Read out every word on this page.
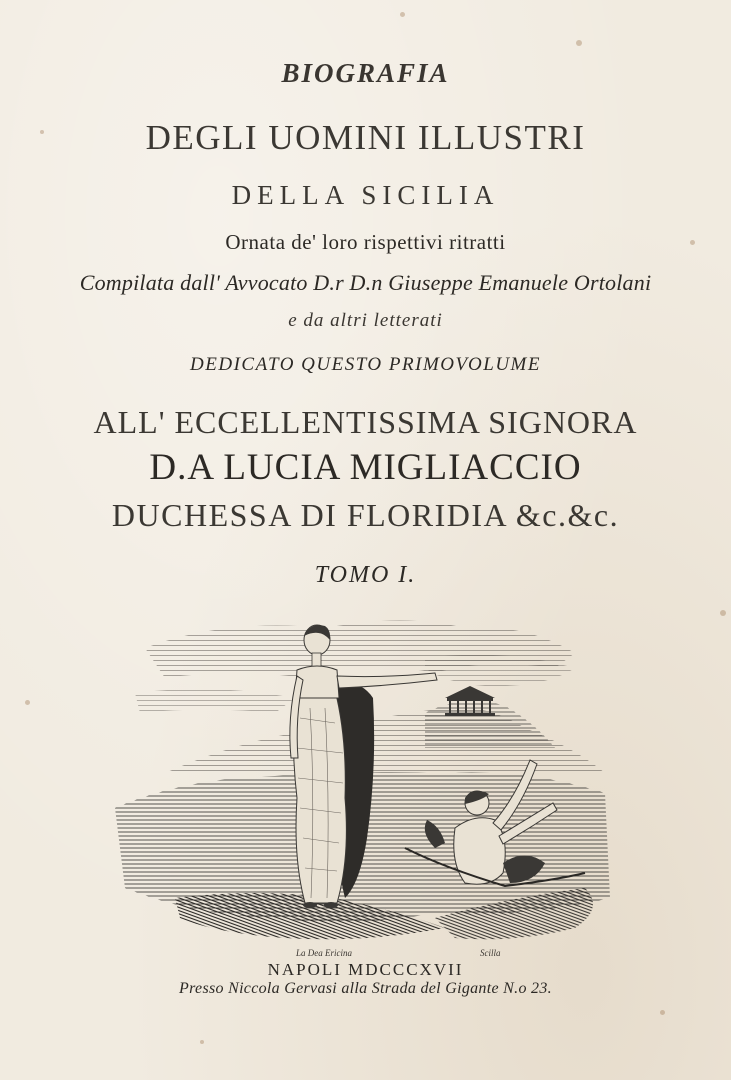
BIOGRAFIA
DEGLI UOMINI ILLUSTRI
DELLA SICILIA
Ornata de' loro rispettivi ritratti
Compilata dall' Avvocato D.r D.n Giuseppe Emanuele Ortolani
e da altri letterati
DEDICATO QUESTO PRIMOVOLUME
ALL' ECCELLENTISSIMA SIGNORA
D.A LUCIA MIGLIACCIO
DUCHESSA DI FLORIDIA &c.&c.
TOMO I.
La Dea Ericina	Scilla
NAPOLI MDCCCXVII
Presso Niccola Gervasi alla Strada del Gigante N.o 23.
